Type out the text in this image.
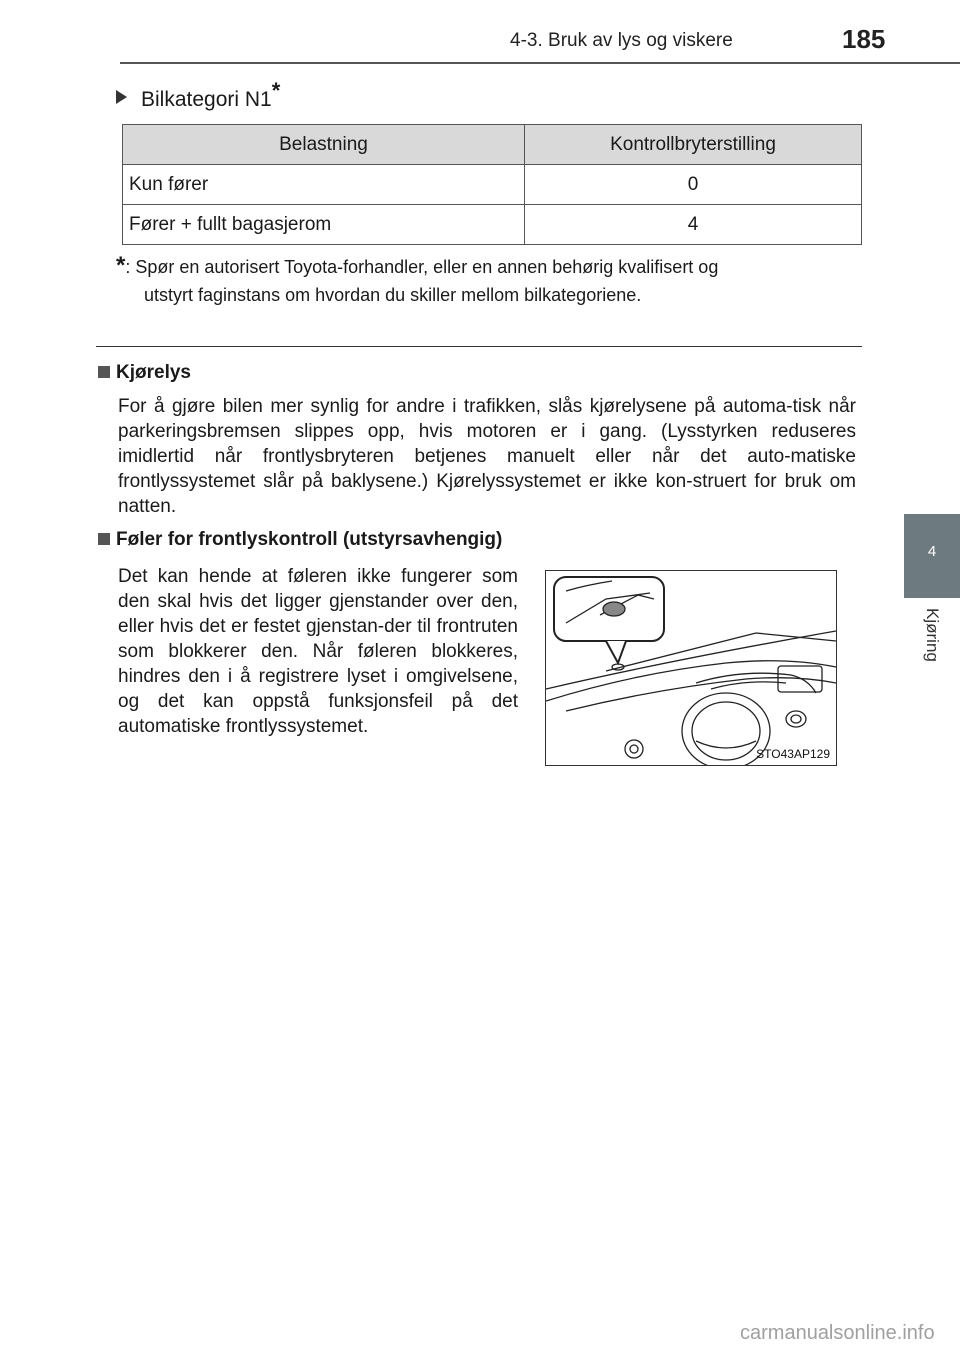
4-3. Bruk av lys og viskere	185
4
Kjøring
Bilkategori N1*
Belastning	Kontrollbryterstilling
Kun fører	0
Fører + fullt bagasjerom	4
*: Spør en autorisert Toyota-forhandler, eller en annen behørig kvalifisert og
utstyrt faginstans om hvordan du skiller mellom bilkategoriene.
Kjørelys
For å gjøre bilen mer synlig for andre i trafikken, slås kjørelysene på automa-tisk når parkeringsbremsen slippes opp, hvis motoren er i gang. (Lysstyrken reduseres imidlertid når frontlysbryteren betjenes manuelt eller når det auto-matiske frontlyssystemet slår på baklysene.) Kjørelyssystemet er ikke kon-struert for bruk om natten.
Føler for frontlyskontroll (utstyrsavhengig)
Det kan hende at føleren ikke fungerer som den skal hvis det ligger gjenstander over den, eller hvis det er festet gjenstan-der til frontruten som blokkerer den. Når føleren blokkeres, hindres den i å registrere lyset i omgivelsene, og det kan oppstå funksjonsfeil på det automatiske frontlyssystemet.
STO43AP129
carmanualsonline.info
